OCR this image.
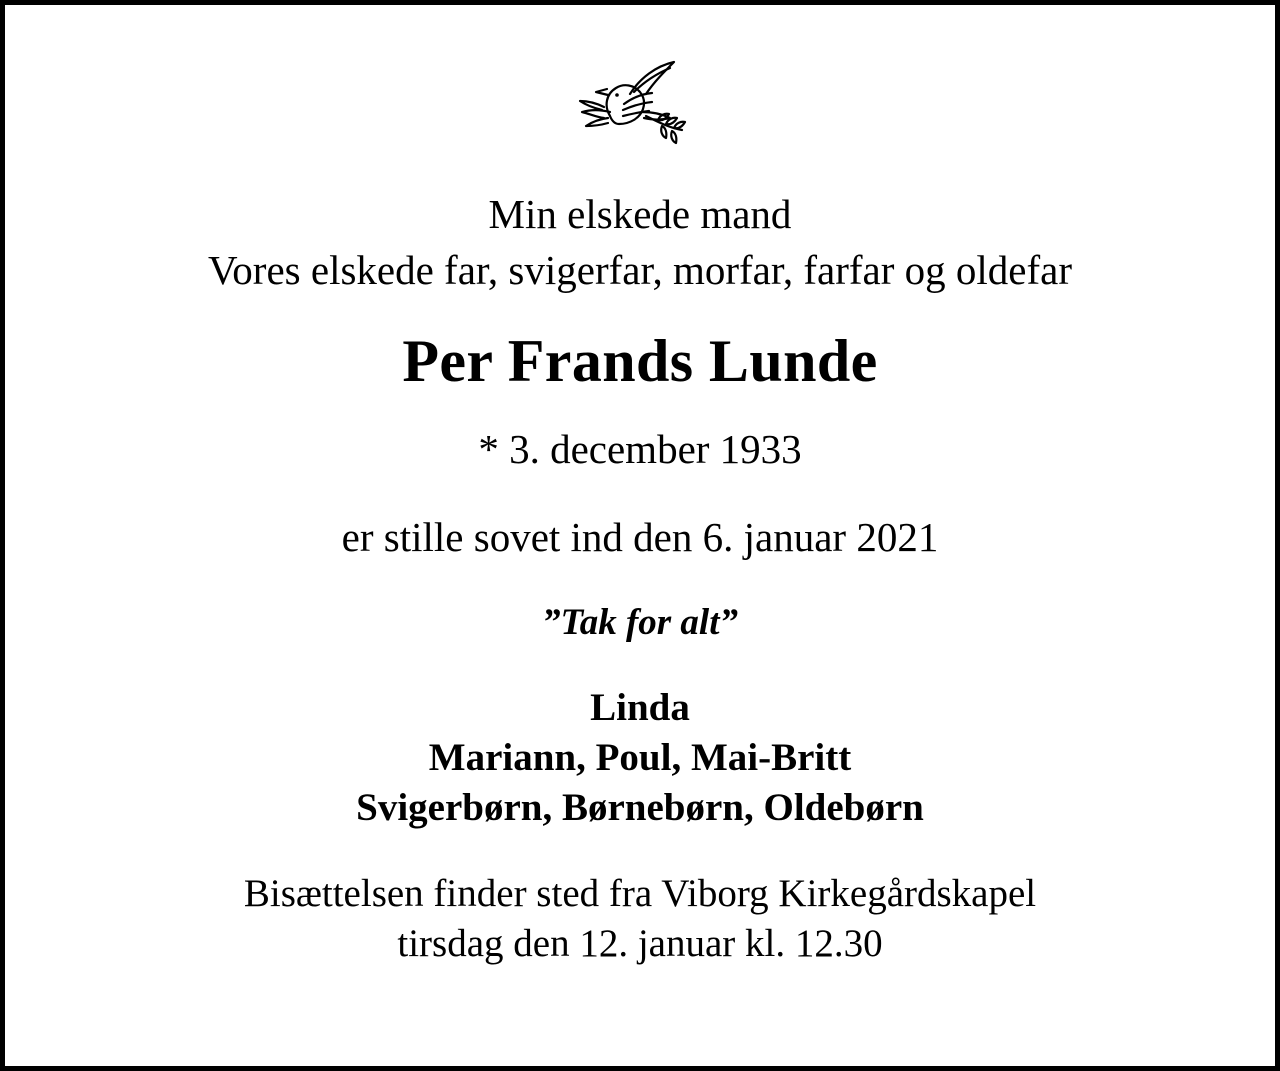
Min elskede mand
Vores elskede far, svigerfar, morfar, farfar og oldefar
Per Frands Lunde
* 3. december 1933
er stille sovet ind den 6. januar 2021
”Tak for alt”
Linda
Mariann, Poul, Mai-Britt
Svigerbørn, Børnebørn, Oldebørn
Bisættelsen finder sted fra Viborg Kirkegårdskapel
tirsdag den 12. januar kl. 12.30
